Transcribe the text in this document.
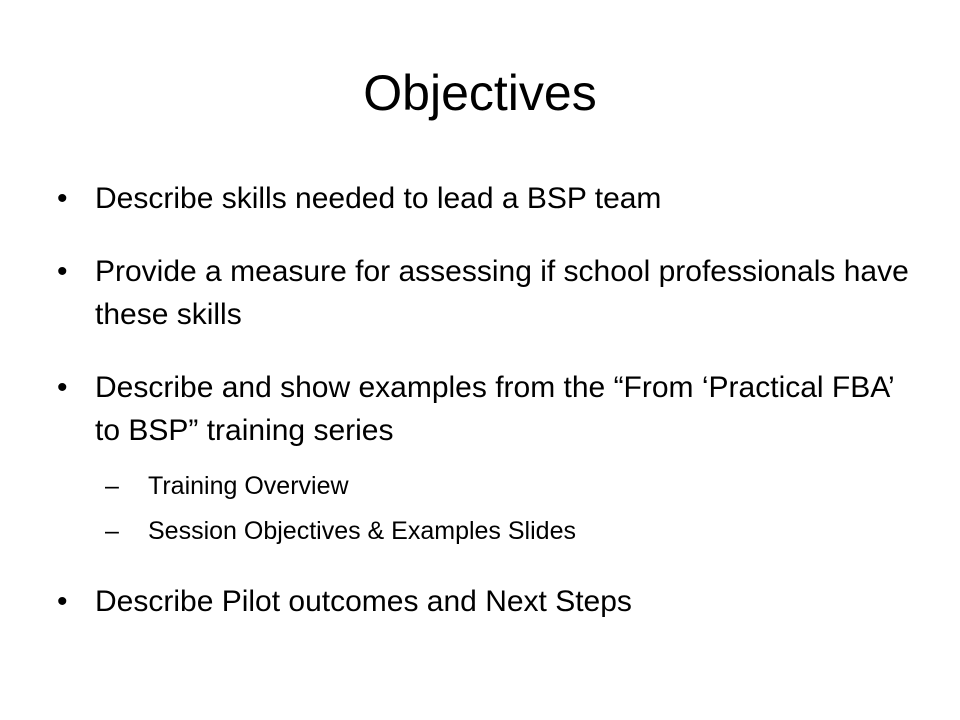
Objectives
• Describe skills needed to lead a BSP team
• Provide a measure for assessing if school professionals have these skills
• Describe and show examples from the “From ‘Practical FBA’ to BSP” training series
– Training Overview
– Session Objectives & Examples Slides
• Describe Pilot outcomes and Next Steps
